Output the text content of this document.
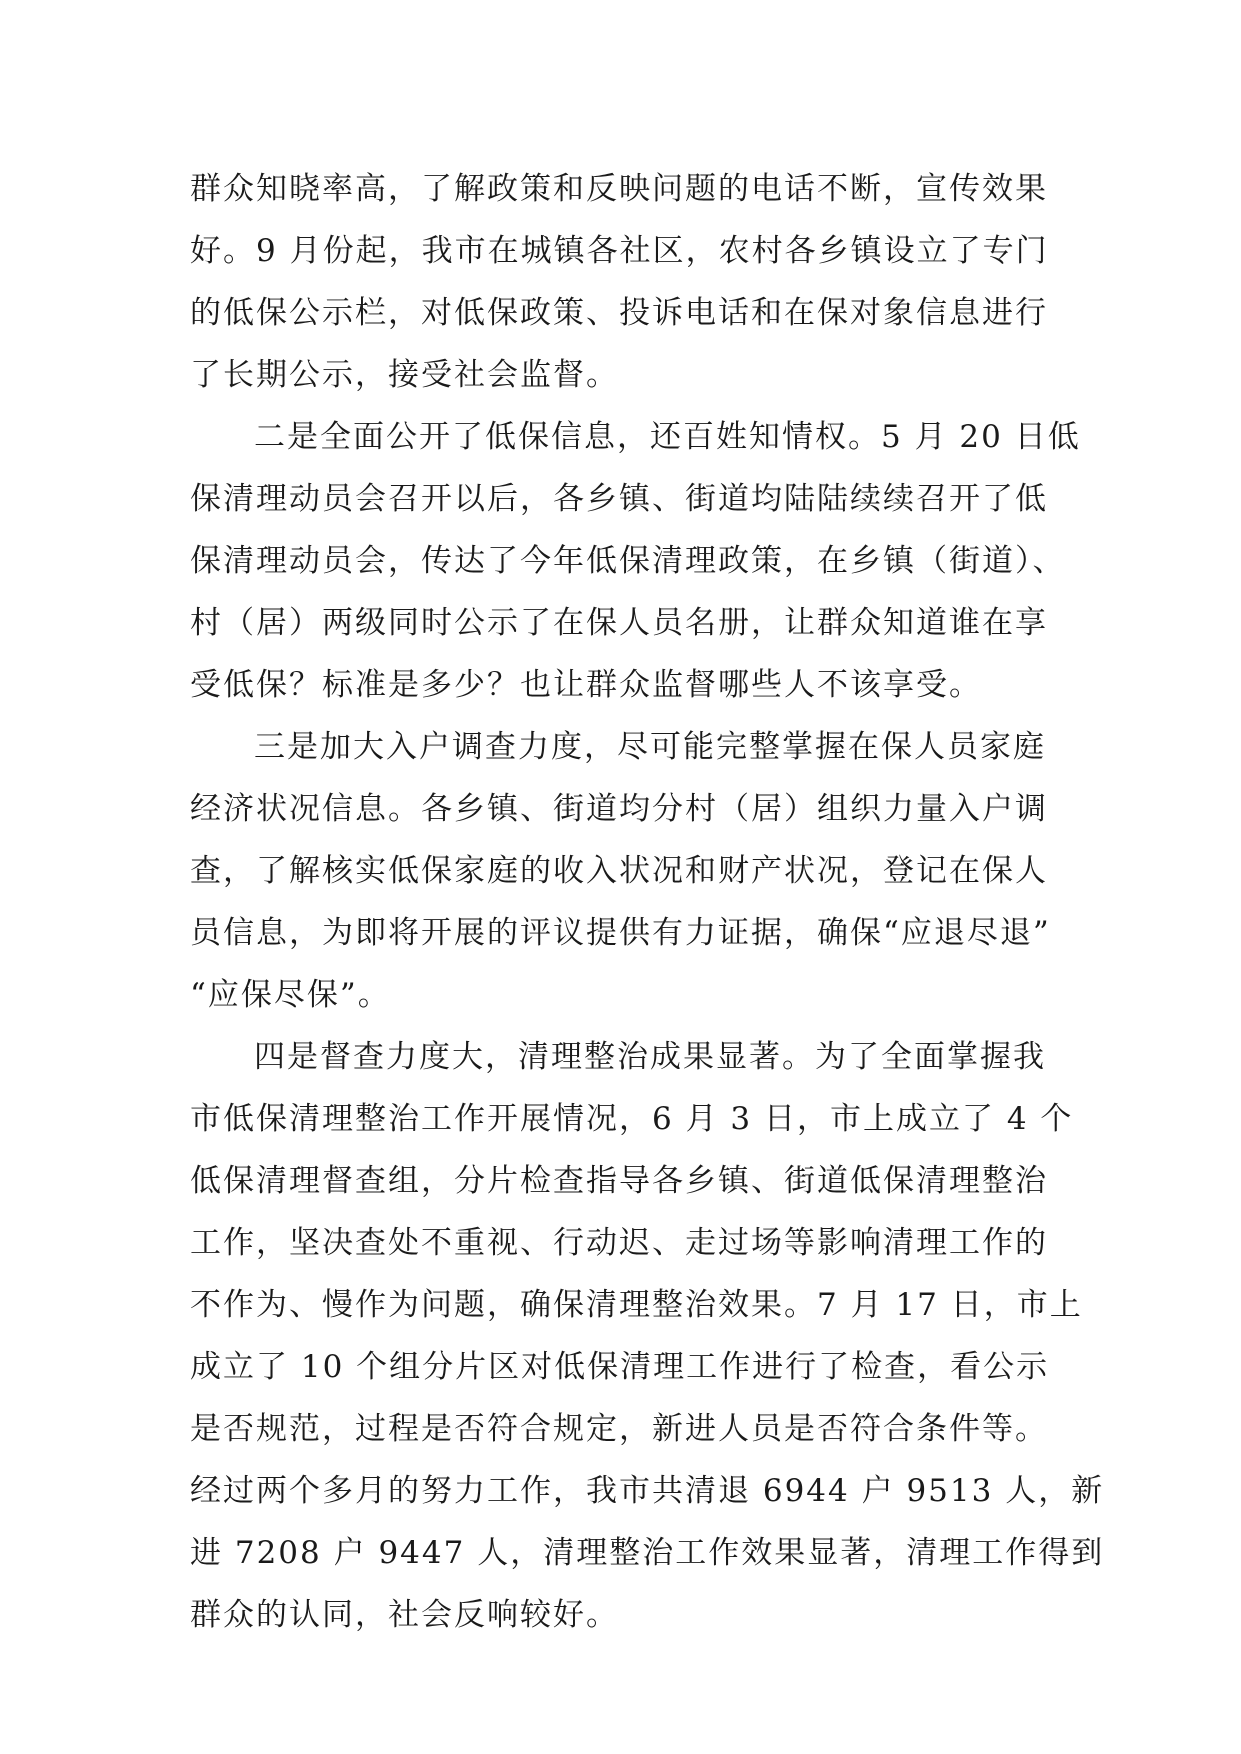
群众知晓率高，了解政策和反映问题的电话不断，宣传效果
好。9 月份起，我市在城镇各社区，农村各乡镇设立了专门
的低保公示栏，对低保政策、投诉电话和在保对象信息进行
了长期公示，接受社会监督。
二是全面公开了低保信息，还百姓知情权。5 月 20 日低
保清理动员会召开以后，各乡镇、街道均陆陆续续召开了低
保清理动员会，传达了今年低保清理政策，在乡镇（街道）、
村（居）两级同时公示了在保人员名册，让群众知道谁在享
受低保？标准是多少？也让群众监督哪些人不该享受。
三是加大入户调查力度，尽可能完整掌握在保人员家庭
经济状况信息。各乡镇、街道均分村（居）组织力量入户调
查，了解核实低保家庭的收入状况和财产状况，登记在保人
员信息，为即将开展的评议提供有力证据，确保“应退尽退”
“应保尽保”。
四是督查力度大，清理整治成果显著。为了全面掌握我
市低保清理整治工作开展情况，6 月 3 日，市上成立了 4 个
低保清理督查组，分片检查指导各乡镇、街道低保清理整治
工作，坚决查处不重视、行动迟、走过场等影响清理工作的
不作为、慢作为问题，确保清理整治效果。7 月 17 日，市上
成立了 10 个组分片区对低保清理工作进行了检查，看公示
是否规范，过程是否符合规定，新进人员是否符合条件等。
经过两个多月的努力工作，我市共清退 6944 户 9513 人，新
进 7208 户 9447 人，清理整治工作效果显著，清理工作得到
群众的认同，社会反响较好。
